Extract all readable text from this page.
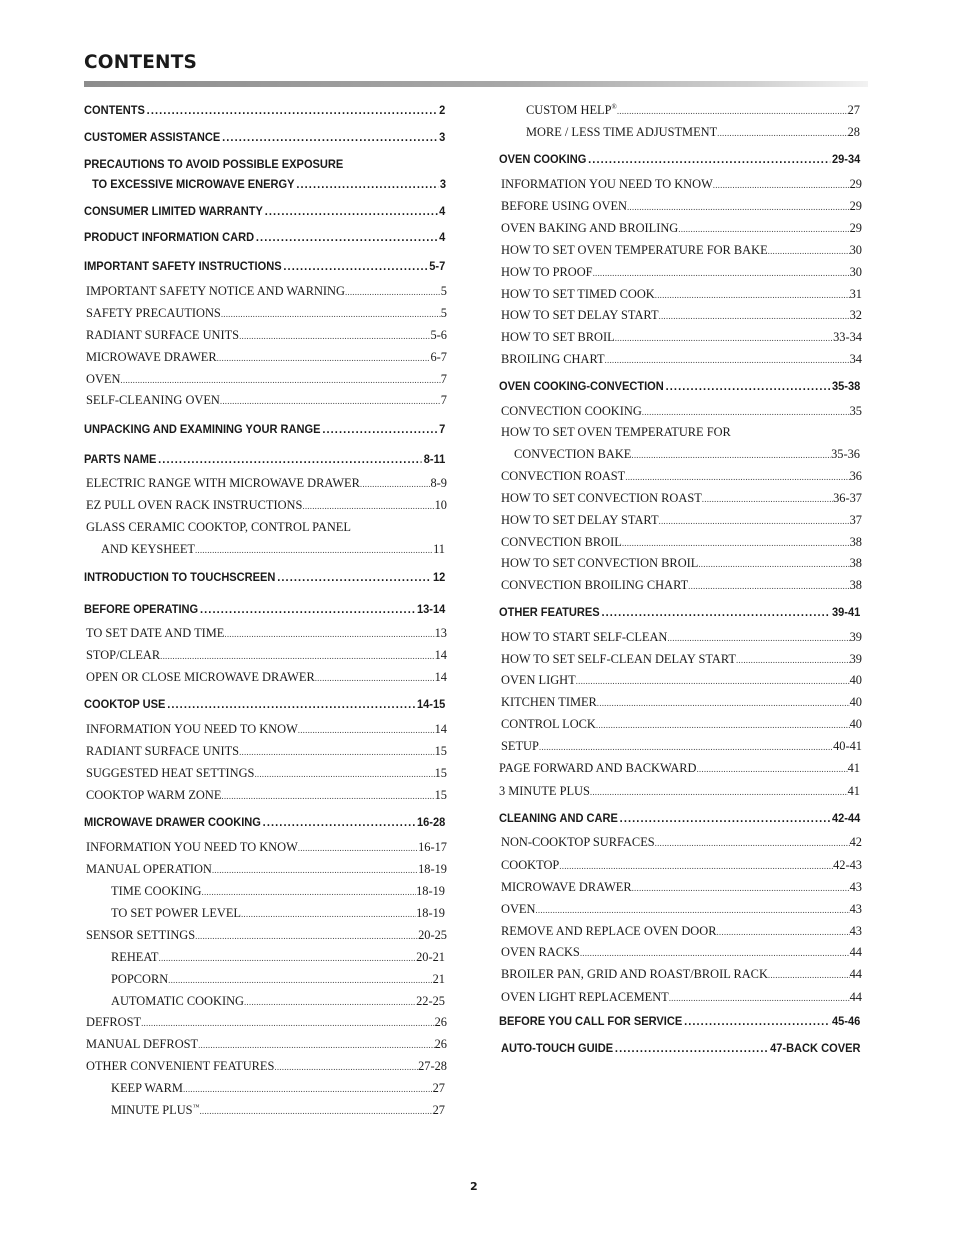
CONTENTS
CONTENTS .....	2
CUSTOMER ASSISTANCE .....	3
PRECAUTIONS TO AVOID POSSIBLE EXPOSURE
TO EXCESSIVE MICROWAVE ENERGY .....	3
CONSUMER LIMITED WARRANTY .....	4
PRODUCT INFORMATION CARD .....	4
IMPORTANT SAFETY INSTRUCTIONS .....	5-7
IMPORTANT SAFETY NOTICE AND WARNING .....	5
SAFETY PRECAUTIONS .....	5
RADIANT SURFACE UNITS .....	5-6
MICROWAVE DRAWER .....	6-7
OVEN .....	7
SELF-CLEANING OVEN .....	7
UNPACKING AND EXAMINING YOUR RANGE .....	7
PARTS NAME .....	8-11
ELECTRIC RANGE WITH MICROWAVE DRAWER .....	8-9
EZ PULL OVEN RACK INSTRUCTIONS .....	10
GLASS CERAMIC COOKTOP, CONTROL PANEL
AND KEYSHEET .....	11
INTRODUCTION TO TOUCHSCREEN .....	12
BEFORE OPERATING .....	13-14
TO SET DATE AND TIME .....	13
STOP/CLEAR .....	14
OPEN OR CLOSE MICROWAVE DRAWER .....	14
COOKTOP USE .....	14-15
INFORMATION YOU NEED TO KNOW .....	14
RADIANT SURFACE UNITS .....	15
SUGGESTED HEAT SETTINGS .....	15
COOKTOP WARM ZONE .....	15
MICROWAVE DRAWER COOKING .....	16-28
INFORMATION YOU NEED TO KNOW .....	16-17
MANUAL OPERATION .....	18-19
TIME COOKING .....	18-19
TO SET POWER LEVEL .....	18-19
SENSOR SETTINGS .....	20-25
REHEAT .....	20-21
POPCORN .....	21
AUTOMATIC COOKING .....	22-25
DEFROST .....	26
MANUAL DEFROST .....	26
OTHER CONVENIENT FEATURES .....	27-28
KEEP WARM .....	27
MINUTE PLUS™ .....	27
CUSTOM HELP® .....	27
MORE / LESS TIME ADJUSTMENT .....	28
OVEN COOKING .....	29-34
INFORMATION YOU NEED TO KNOW .....	29
BEFORE USING OVEN .....	29
OVEN BAKING AND BROILING .....	29
HOW TO SET OVEN TEMPERATURE FOR BAKE .....	30
HOW TO PROOF .....	30
HOW TO SET TIMED COOK .....	31
HOW TO SET DELAY START .....	32
HOW TO SET BROIL .....	33-34
BROILING CHART .....	34
OVEN COOKING-CONVECTION .....	35-38
CONVECTION COOKING .....	35
HOW TO SET OVEN TEMPERATURE FOR
CONVECTION BAKE .....	35-36
CONVECTION ROAST .....	36
HOW TO SET CONVECTION ROAST .....	36-37
HOW TO SET DELAY START .....	37
CONVECTION BROIL .....	38
HOW TO SET CONVECTION BROIL .....	38
CONVECTION BROILING CHART .....	38
OTHER FEATURES .....	39-41
HOW TO START SELF-CLEAN .....	39
HOW TO SET SELF-CLEAN DELAY START .....	39
OVEN LIGHT .....	40
KITCHEN TIMER .....	40
CONTROL LOCK .....	40
SETUP .....	40-41
PAGE FORWARD AND BACKWARD .....	41
3 MINUTE PLUS .....	41
CLEANING AND CARE .....	42-44
NON-COOKTOP SURFACES .....	42
COOKTOP .....	42-43
MICROWAVE DRAWER .....	43
OVEN .....	43
REMOVE AND REPLACE OVEN DOOR .....	43
OVEN RACKS .....	44
BROILER PAN, GRID AND ROAST/BROIL RACK .....	44
OVEN LIGHT REPLACEMENT .....	44
BEFORE YOU CALL FOR SERVICE .....	45-46
AUTO-TOUCH GUIDE .....	47-BACK COVER
2
